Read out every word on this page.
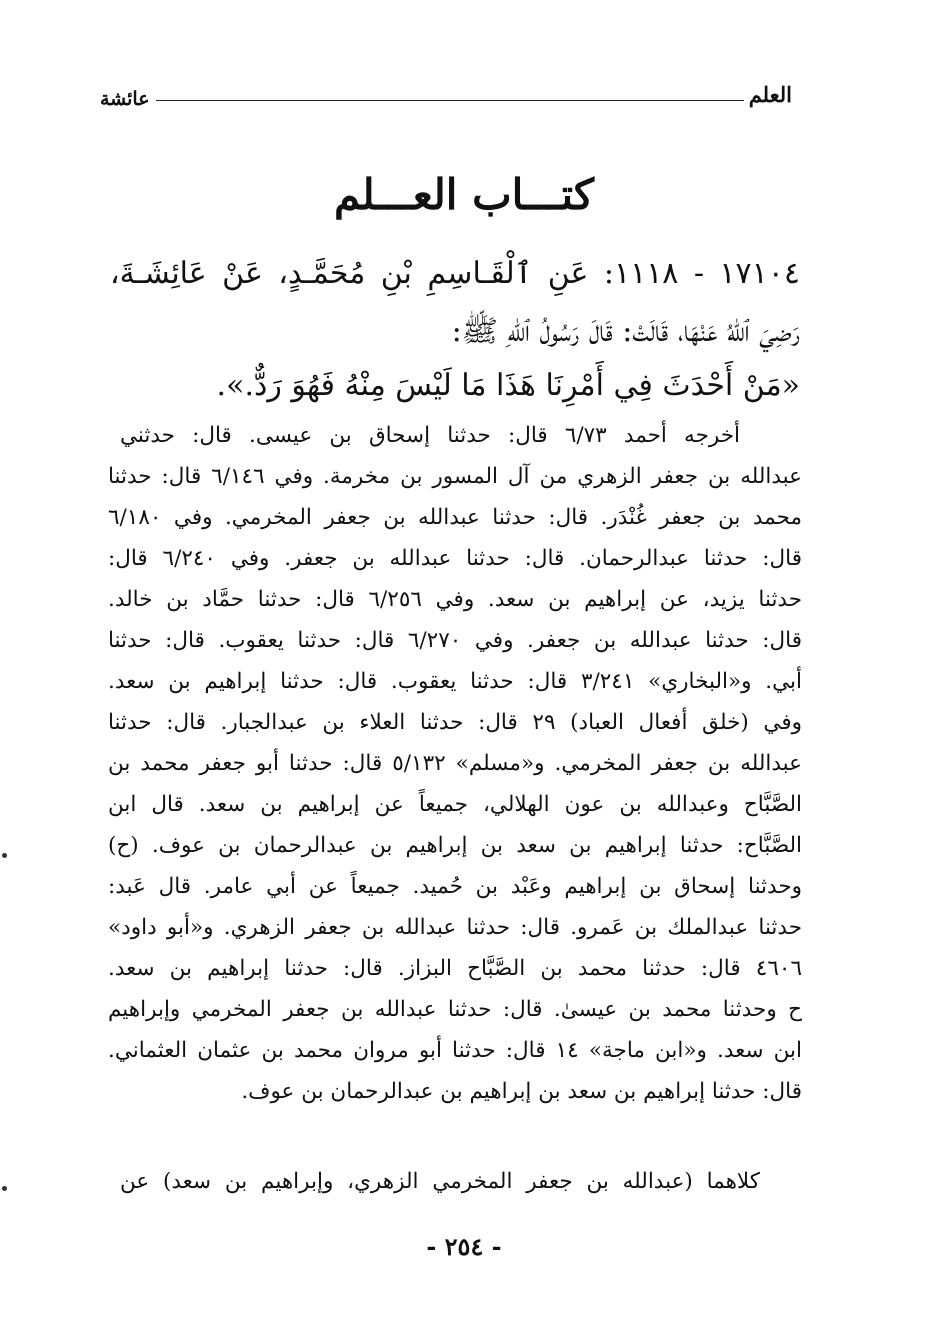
العلم
عائشة
كتـــاب العـــلم
١٧١٠٤ - ١١١٨: عَنِ ٱلْقَـاسِمِ بْنِ مُحَمَّـدٍ، عَنْ عَائِشَـةَ،
رَضِيَ ٱللهُ عَنْهَا، قَالَتْ: قَالَ رَسُولُ ٱللهِ ﷺ:
«مَنْ أَحْدَثَ فِي أَمْرِنَا هَذَا مَا لَيْسَ مِنْهُ فَهُوَ رَدٌّ.».
أخرجه أحمد ٦/٧٣ قال: حدثنا إسحاق بن عيسى. قال: حدثني
عبدالله بن جعفر الزهري من آل المسور بن مخرمة. وفي ٦/١٤٦ قال: حدثنا
محمد بن جعفر غُنْدَر. قال: حدثنا عبدالله بن جعفر المخرمي. وفي ٦/١٨٠
قال: حدثنا عبدالرحمان. قال: حدثنا عبدالله بن جعفر. وفي ٦/٢٤٠ قال:
حدثنا يزيد، عن إبراهيم بن سعد. وفي ٦/٢٥٦ قال: حدثنا حمَّاد بن خالد.
قال: حدثنا عبدالله بن جعفر. وفي ٦/٢٧٠ قال: حدثنا يعقوب. قال: حدثنا
أبي. و«البخاري» ٣/٢٤١ قال: حدثنا يعقوب. قال: حدثنا إبراهيم بن سعد.
وفي (خلق أفعال العباد) ٢٩ قال: حدثنا العلاء بن عبدالجبار. قال: حدثنا
عبدالله بن جعفر المخرمي. و«مسلم» ٥/١٣٢ قال: حدثنا أبو جعفر محمد بن
الصَّبَّاح وعبدالله بن عون الهلالي، جميعاً عن إبراهيم بن سعد. قال ابن
الصَّبَّاح: حدثنا إبراهيم بن سعد بن إبراهيم بن عبدالرحمان بن عوف. (ح)
وحدثنا إسحاق بن إبراهيم وعَبْد بن حُميد. جميعاً عن أبي عامر. قال عَبد:
حدثنا عبدالملك بن عَمرو. قال: حدثنا عبدالله بن جعفر الزهري. و«أبو داود»
٤٦٠٦ قال: حدثنا محمد بن الصَّبَّاح البزاز. قال: حدثنا إبراهيم بن سعد.
ح وحدثنا محمد بن عيسىٰ. قال: حدثنا عبدالله بن جعفر المخرمي وإبراهيم
ابن سعد. و«ابن ماجة» ١٤ قال: حدثنا أبو مروان محمد بن عثمان العثماني.
قال: حدثنا إبراهيم بن سعد بن إبراهيم بن عبدالرحمان بن عوف.
كلاهما (عبدالله بن جعفر المخرمي الزهري، وإبراهيم بن سعد) عن
- ٢٥٤ -
